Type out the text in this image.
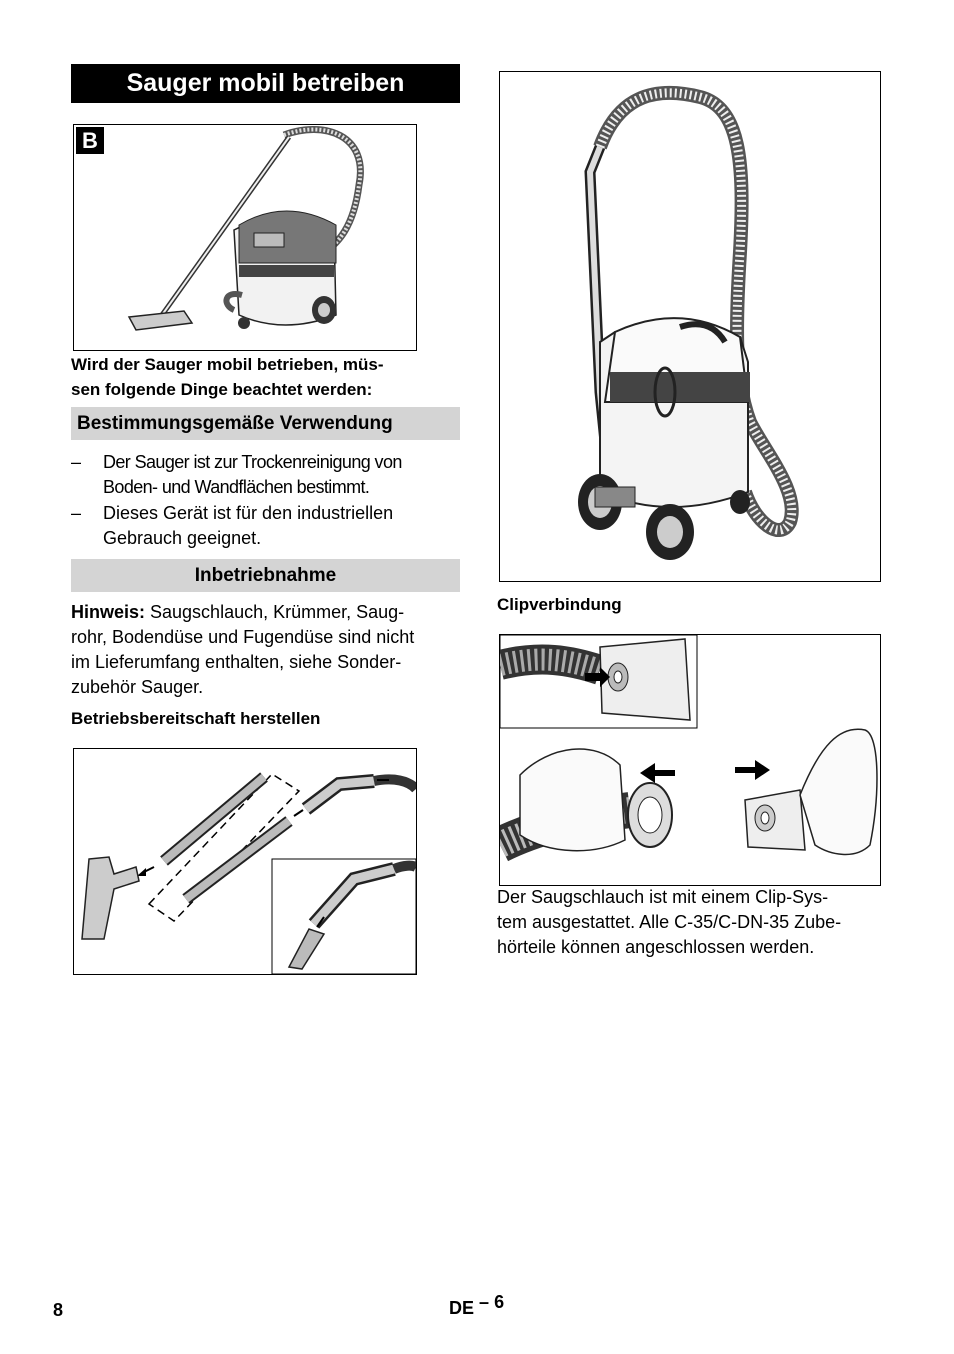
Sauger mobil betreiben
B
Wird der Sauger mobil betrieben, müs-
sen folgende Dinge beachtet werden:
Bestimmungsgemäße Verwendung
–	Der Sauger ist zur Trockenreinigung von
Boden- und Wandflächen bestimmt.
–	Dieses Gerät ist für den industriellen
Gebrauch geeignet.
Inbetriebnahme
Hinweis: Saugschlauch, Krümmer, Saug-
rohr, Bodendüse und Fugendüse sind nicht
im Lieferumfang enthalten, siehe Sonder-
zubehör Sauger.
Betriebsbereitschaft herstellen
Clipverbindung
Der Saugschlauch ist mit einem Clip-Sys-
tem ausgestattet. Alle C-35/C-DN-35 Zube-
hörteile können angeschlossen werden.
8	DE – 6
